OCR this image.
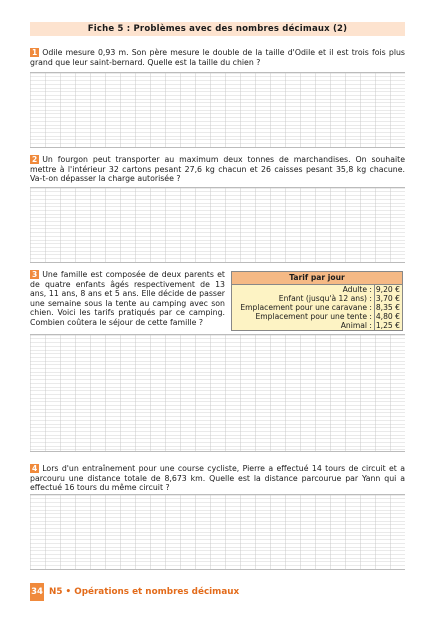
Fiche 5 : Problèmes avec des nombres décimaux (2)
1 Odile mesure 0,93 m. Son père mesure le double de la taille d'Odile et il est trois fois plus grand que leur saint-bernard. Quelle est la taille du chien ?
2 Un fourgon peut transporter au maximum deux tonnes de marchandises. On souhaite mettre à l'intérieur 32 cartons pesant 27,6 kg chacun et 26 caisses pesant 35,8 kg chacune. Va-t-on dépasser la charge autorisée ?
3 Une famille est composée de deux parents et de quatre enfants âgés respectivement de 13 ans, 11 ans, 8 ans et 5 ans. Elle décide de passer une semaine sous la tente au camping avec son chien. Voici les tarifs pratiqués par ce camping. Combien coûtera le séjour de cette famille ?
Tarif par jour
Adulte : 9,20 €
Enfant (jusqu'à 12 ans) : 3,70 €
Emplacement pour une caravane : 8,35 €
Emplacement pour une tente : 4,80 €
Animal : 1,25 €
4 Lors d'un entraînement pour une course cycliste, Pierre a effectué 14 tours de circuit et a parcouru une distance totale de 8,673 km. Quelle est la distance parcourue par Yann qui a effectué 16 tours du même circuit ?
34 N5 • Opérations et nombres décimaux
